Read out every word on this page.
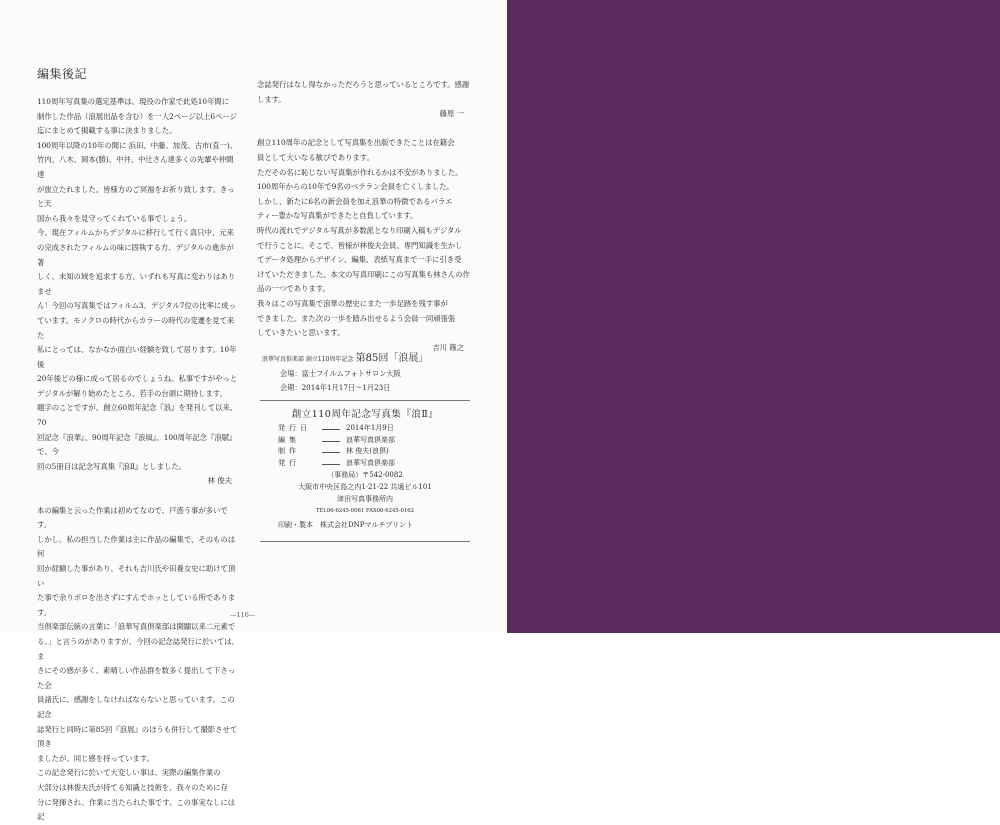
編集後記

110周年写真集の選定基準は、現役の作家で此処10年間に

制作した作品（浪展出品を含む）を一人2ページ以上6ページ

迄にまとめて掲載する事に決まりました。

100周年以降の10年の間に 浜田、中藤、加茂、古市(直一)、

竹内、八木、岡本(勝)、中井、中辻さん達多くの先輩や仲間達

が旅立たれました。皆様方のご冥福をお祈り致します。きっと天

国から我々を見守ってくれている事でしょう。

今、現在フィルムからデジタルに移行して行く真只中、元来

の完成されたフィルムの味に固執する方、デジタルの進歩が著

しく、未知の域を追求する方、いずれも写真に変わりはありませ

ん！今回の写真集ではフィルム3、デジタル7位の比率に成っ

ています。モノクロの時代からカラーの時代の変遷を見て来た

私にとっては、なかなか面白い経験を致して居ります。10年後

20年後どの様に成って居るのでしょうね。私事ですがやっと

デジタルが解り始めたところ、若手の台頭に期待します。

題字のことですが、創立60周年記念『浪』を発刊して以来、70

回記念『浪華』、90周年記念『浪風』、100周年記念『浪賦』で、今

回の5冊目は記念写真集『浪Ⅱ』としました。

林 俊夫

本の編集と云った作業は初めてなので、戸惑う事が多いです。

しかし、私の担当した作業は主に作品の編集で、そのものは何

回か経験した事があり、それも吉川氏や田養女史に助けて頂い

た事で余りボロを出さずにすんでホッとしている所であります。

当倶楽部伝統の言葉に「浪華写真倶楽部は開闢以来二元素で

る。」と言うのがありますが、今回の記念誌発行に於いては、ま

さにその感が多く、素晴しい作品群を数多く提出して下さった会

員諸氏に、感謝をしなければならないと思っています。この記念

誌発行と同時に第85回『浪展』のほうも併行して撮影させて頂き

ましたが、同じ感を持っています。

この記念発行に於いて大変しい事は、実際の編集作業の

大部分は林俊夫氏が持てる知識と技術を、我々のために存

分に発揮され、作業に当たられた事です。この事実なしには記

念誌発行はなし得なかっただろうと思っているところです。感謝

します。

藤原 一

創立110周年の記念として写真集を出版できたことは在籍会

員として大いなる歓びであります。

ただその名に恥じない写真集が作れるかは不安がありました。

100周年からの10年で9名のベテラン会員を亡くしました。

しかし、新たに6名の新会員を加え浪華の特徴であるバラエ

ティー豊かな写真集ができたと自負しています。

時代の流れでデジタル写真が多数派となり印刷入稿もデジタル

で行うことに。そこで、皆様が林俊夫会員、専門知識を生かし

てデータ処理からデザイン、編集、表紙写真まで一手に引き受

けていただきました。本文の写真印刷にこの写真集も林さんの作

品の一つであります。

我々はこの写真集で浪華の歴史にまた一歩足跡を残す事が

できました。また次の一歩を踏み出せるよう会員一同頑張張

していきたいと思います。

吉川 篠之

浪華写真倶楽部 創立110周年記念 第85回「浪展」
会場：富士フイルムフォトサロン大阪
会期：2014年1月17日～1月23日
創立110周年記念写真集『浪Ⅱ』
発行日	2014年1月9日
編集	浪華写真倶楽部
制作	林 俊夫(浪倶)
発行	浪華写真倶楽部
（事務局）〒542-0082
大阪市中央区島之内1-21-22 共通ビル101
津田写真事務所内
TEL06-6245-0061 FAX06-6245-0162
印刷・製本　株式会社DNPマルチプリント
—116—
